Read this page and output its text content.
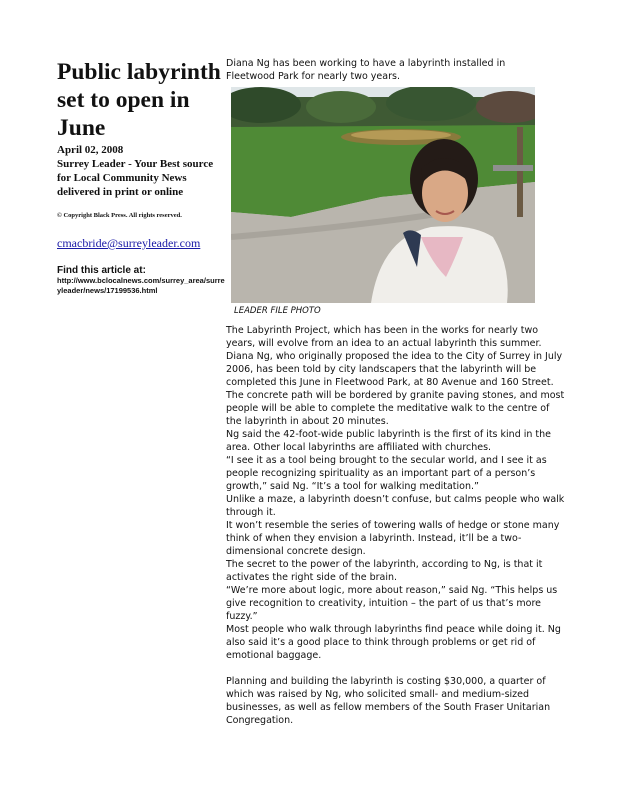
Public labyrinth set to open in June
April 02, 2008
Surrey Leader - Your Best source for Local Community News delivered in print or online
© Copyright Black Press. All rights reserved.
cmacbride@surreyleader.com
Find this article at:
http://www.bclocalnews.com/surrey_area/surreyleader/news/17199536.html
Diana Ng has been working to have a labyrinth installed in Fleetwood Park for nearly two years.
LEADER FILE PHOTO

The Labyrinth Project, which has been in the works for nearly two years, will evolve from an idea to an actual labyrinth this summer.

Diana Ng, who originally proposed the idea to the City of Surrey in July 2006, has been told by city landscapers that the labyrinth will be completed this June in Fleetwood Park, at 80 Avenue and 160 Street.

The concrete path will be bordered by granite paving stones, and most people will be able to complete the meditative walk to the centre of the labyrinth in about 20 minutes.

Ng said the 42-foot-wide public labyrinth is the first of its kind in the area. Other local labyrinths are affiliated with churches.

“I see it as a tool being brought to the secular world, and I see it as people recognizing spirituality as an important part of a person’s growth,” said Ng. “It’s a tool for walking meditation.”

Unlike a maze, a labyrinth doesn’t confuse, but calms people who walk through it.

It won’t resemble the series of towering walls of hedge or stone many think of when they envision a labyrinth. Instead, it’ll be a two-dimensional concrete design.

The secret to the power of the labyrinth, according to Ng, is that it activates the right side of the brain.

“We’re more about logic, more about reason,” said Ng. “This helps us give recognition to creativity, intuition – the part of us that’s more fuzzy.”

Most people who walk through labyrinths find peace while doing it. Ng also said it’s a good place to think through problems or get rid of emotional baggage.

Planning and building the labyrinth is costing $30,000, a quarter of which was raised by Ng, who solicited small- and medium-sized businesses, as well as fellow members of the South Fraser Unitarian Congregation.
